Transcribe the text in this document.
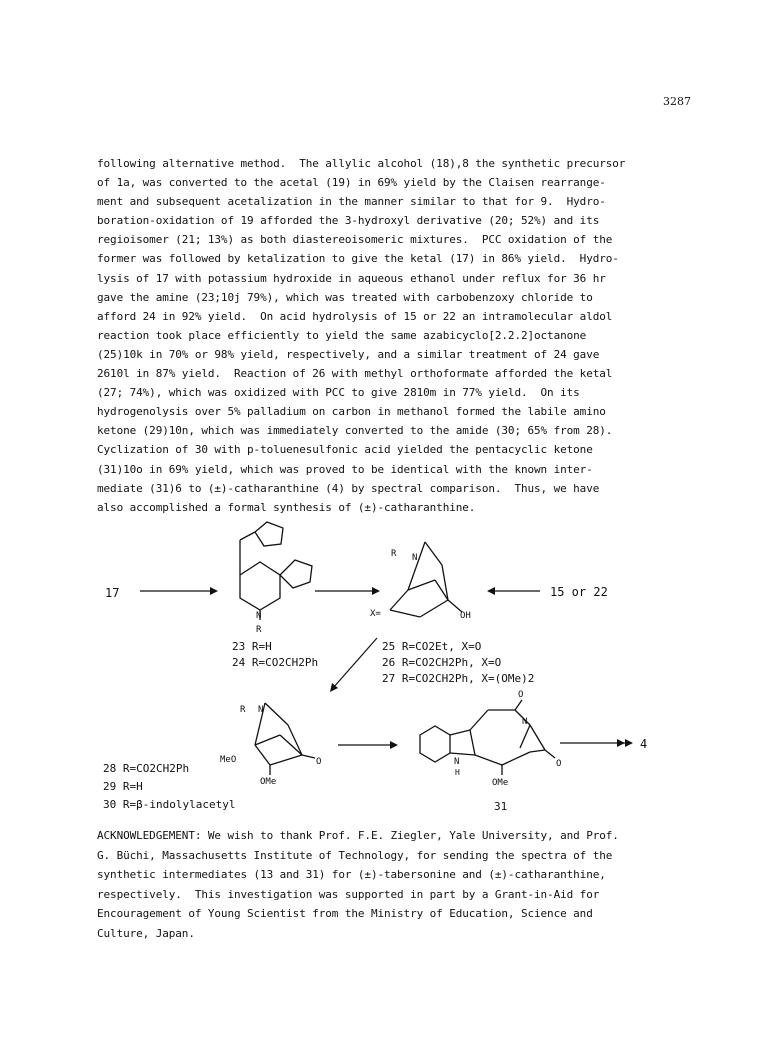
3287
following alternative method.  The allylic alcohol (18),8 the synthetic precursor
of 1a, was converted to the acetal (19) in 69% yield by the Claisen rearrange-
ment and subsequent acetalization in the manner similar to that for 9.  Hydro-
boration-oxidation of 19 afforded the 3-hydroxyl derivative (20; 52%) and its
regioisomer (21; 13%) as both diastereoisomeric mixtures.  PCC oxidation of the
former was followed by ketalization to give the ketal (17) in 86% yield.  Hydro-
lysis of 17 with potassium hydroxide in aqueous ethanol under reflux for 36 hr
gave the amine (23;10j 79%), which was treated with carbobenzoxy chloride to
afford 24 in 92% yield.  On acid hydrolysis of 15 or 22 an intramolecular aldol
reaction took place efficiently to yield the same azabicyclo[2.2.2]octanone
(25)10k in 70% or 98% yield, respectively, and a similar treatment of 24 gave
2610l in 87% yield.  Reaction of 26 with methyl orthoformate afforded the ketal
(27; 74%), which was oxidized with PCC to give 2810m in 77% yield.  On its
hydrogenolysis over 5% palladium on carbon in methanol formed the labile amino
ketone (29)10n, which was immediately converted to the amide (30; 65% from 28).
Cyclization of 30 with p-toluenesulfonic acid yielded the pentacyclic ketone
(31)10o in 69% yield, which was proved to be identical with the known inter-
mediate (31)6 to (±)-catharanthine (4) by spectral comparison.  Thus, we have
also accomplished a formal synthesis of (±)-catharanthine.
17
N
R
R N
X=	OH
15 or 22
23 R=H
24 R=CO2CH2Ph
25 R=CO2Et, X=O
26 R=CO2CH2Ph, X=O
27 R=CO2CH2Ph, X=(OMe)2
R N
MeO
OMe
O
28 R=CO2CH2Ph
29 R=H
30 R=β-indolylacetyl
O
N
H
N
OMe
O
31
4
ACKNOWLEDGEMENT: We wish to thank Prof. F.E. Ziegler, Yale University, and Prof.
G. Büchi, Massachusetts Institute of Technology, for sending the spectra of the
synthetic intermediates (13 and 31) for (±)-tabersonine and (±)-catharanthine,
respectively.  This investigation was supported in part by a Grant-in-Aid for
Encouragement of Young Scientist from the Ministry of Education, Science and
Culture, Japan.
